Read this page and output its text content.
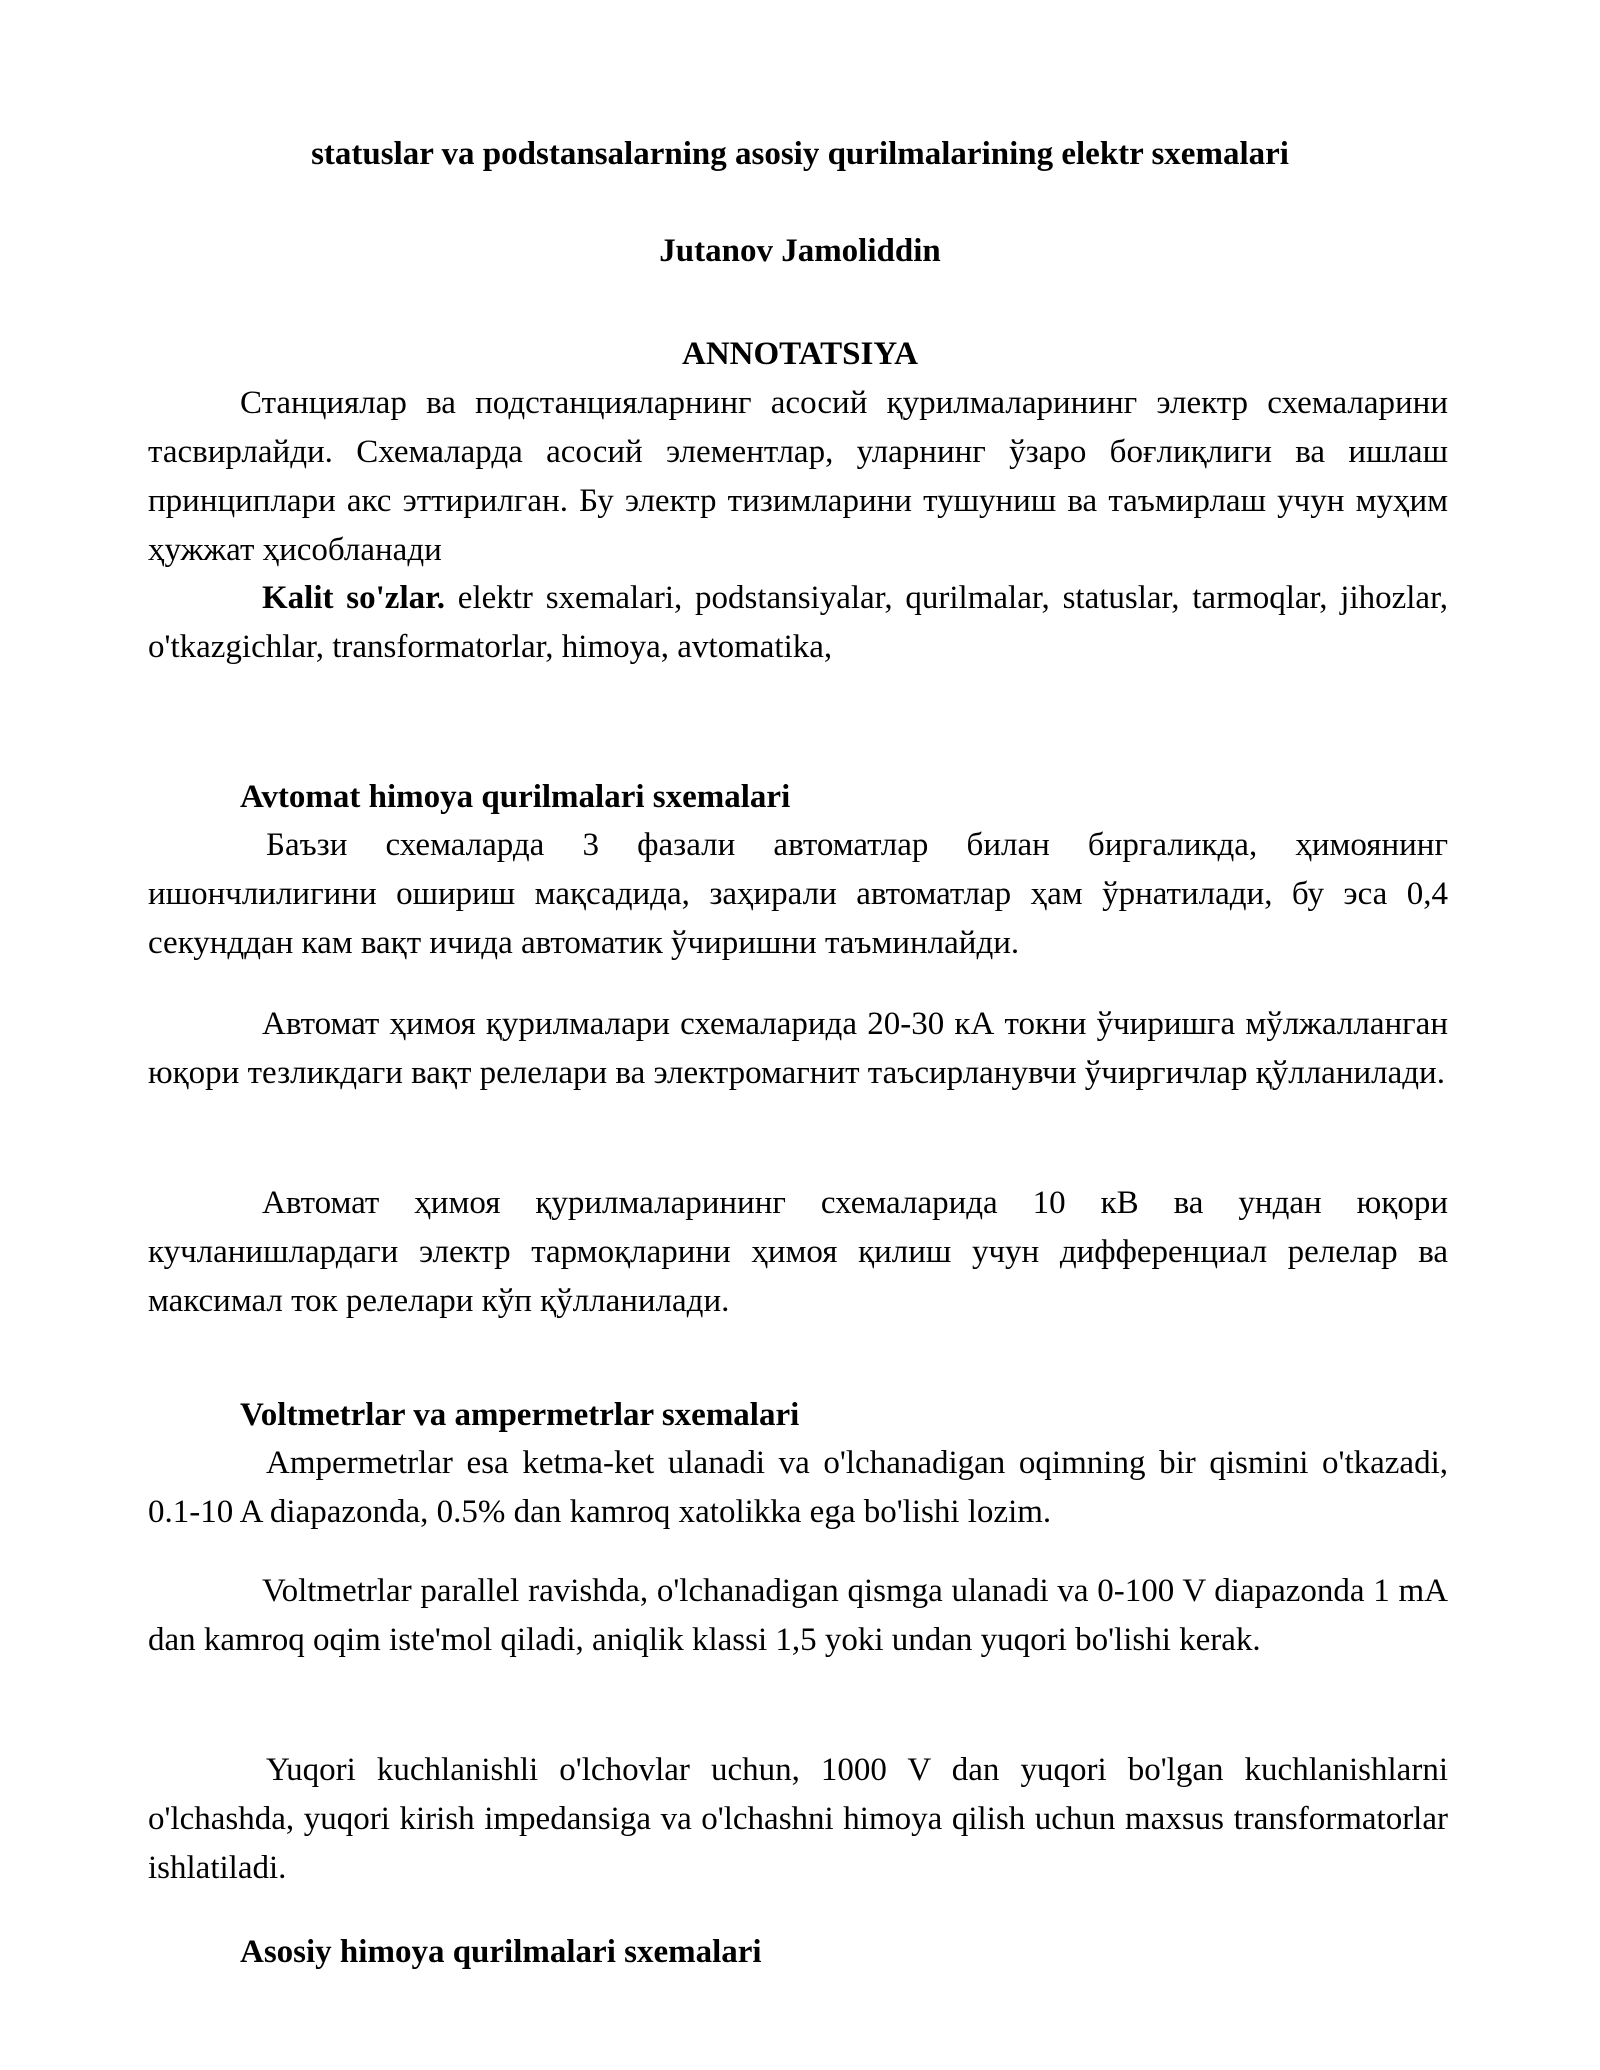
statuslar va podstansalarning asosiy qurilmalarining elektr sxemalari

Jutanov Jamoliddin

ANNOTATSIYA

Станциялар ва подстанцияларнинг асосий қурилмаларининг электр схемаларини тасвирлайди. Схемаларда асосий элементлар, уларнинг ўзаро боғлиқлиги ва ишлаш принциплари акс эттирилган. Бу электр тизимларини тушуниш ва таъмирлаш учун муҳим ҳужжат ҳисобланади

Kalit so'zlar. elektr sxemalari, podstansiyalar, qurilmalar, statuslar, tarmoqlar, jihozlar, o'tkazgichlar, transformatorlar, himoya, avtomatika,

Avtomat himoya qurilmalari sxemalari

Баъзи схемаларда 3 фазали автоматлар билан биргаликда, ҳимоянинг ишончлилигини ошириш мақсадида, заҳирали автоматлар ҳам ўрнатилади, бу эса 0,4 секунддан кам вақт ичида автоматик ўчиришни таъминлайди.

Автомат ҳимоя қурилмалари схемаларида 20-30 кА токни ўчиришга мўлжалланган юқори тезликдаги вақт релелари ва электромагнит таъсирланувчи ўчиргичлар қўлланилади.

Автомат ҳимоя қурилмаларининг схемаларида 10 кВ ва ундан юқори кучланишлардаги электр тармоқларини ҳимоя қилиш учун дифференциал релелар ва максимал ток релелари кўп қўлланилади.

Voltmetrlar va ampermetrlar sxemalari

Ampermetrlar esa ketma-ket ulanadi va o'lchanadigan oqimning bir qismini o'tkazadi, 0.1-10 A diapazonda, 0.5% dan kamroq xatolikka ega bo'lishi lozim.

Voltmetrlar parallel ravishda, o'lchanadigan qismga ulanadi va 0-100 V diapazonda 1 mA dan kamroq oqim iste'mol qiladi, aniqlik klassi 1,5 yoki undan yuqori bo'lishi kerak.

Yuqori kuchlanishli o'lchovlar uchun, 1000 V dan yuqori bo'lgan kuchlanishlarni o'lchashda, yuqori kirish impedansiga va o'lchashni himoya qilish uchun maxsus transformatorlar ishlatiladi.

Asosiy himoya qurilmalari sxemalari
